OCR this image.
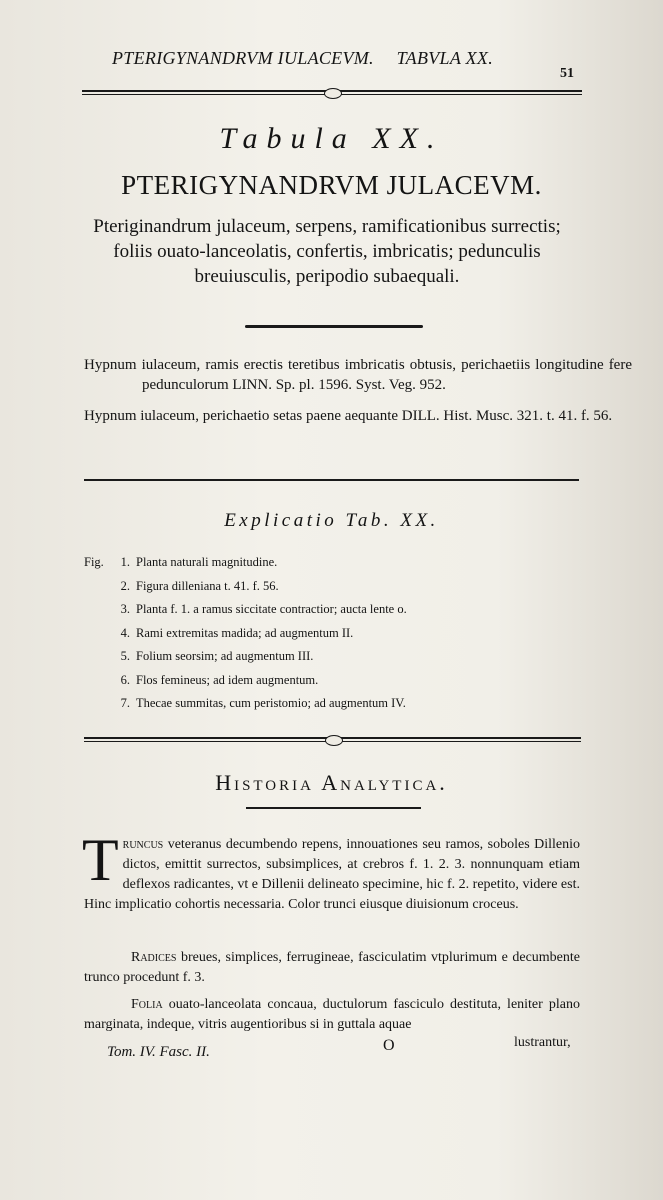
PTERIGYNANDRVM IULACEVM. TABVLA XX.
51
Tabula XX.
PTERIGYNANDRVM JULACEVM.
Pteriginandrum julaceum, serpens, ramificationibus surrectis; foliis ouato-lanceolatis, confertis, imbricatis; pedunculis breuiusculis, peripodio subaequali.
Hypnum iulaceum, ramis erectis teretibus imbricatis obtusis, perichaetiis longitudine fere pedunculorum LINN. Sp. pl. 1596. Syst. Veg. 952.
Hypnum iulaceum, perichaetio setas paene aequante DILL. Hist. Musc. 321. t. 41. f. 56.
Explicatio Tab. XX.
Fig.	1. Planta naturali magnitudine.
2. Figura dilleniana t. 41. f. 56.
3. Planta f. 1. a ramus siccitate contractior; aucta lente o.
4. Rami extremitas madida; ad augmentum II.
5. Folium seorsim; ad augmentum III.
6. Flos femineus; ad idem augmentum.
7. Thecae summitas, cum peristomio; ad augmentum IV.
Historia Analytica.
Truncus veteranus decumbendo repens, innouationes seu ramos, soboles Dillenio dictos, emittit surrectos, subsimplices, at crebros f. 1. 2. 3. nonnunquam etiam deflexos radicantes, vt e Dillenii delineato specimine, hic f. 2. repetito, videre est. Hinc implicatio cohortis necessaria. Color trunci eiusque diuisionum croceus.
Radices breues, simplices, ferrugineae, fasciculatim vtplurimum e decumbente trunco procedunt f. 3.
Folia ouato-lanceolata concaua, ductulorum fasciculo destituta, leniter plano marginata, indeque, vitris augentioribus si in guttala aquae
Tom. IV. Fasc. II.	O	lustrantur,
